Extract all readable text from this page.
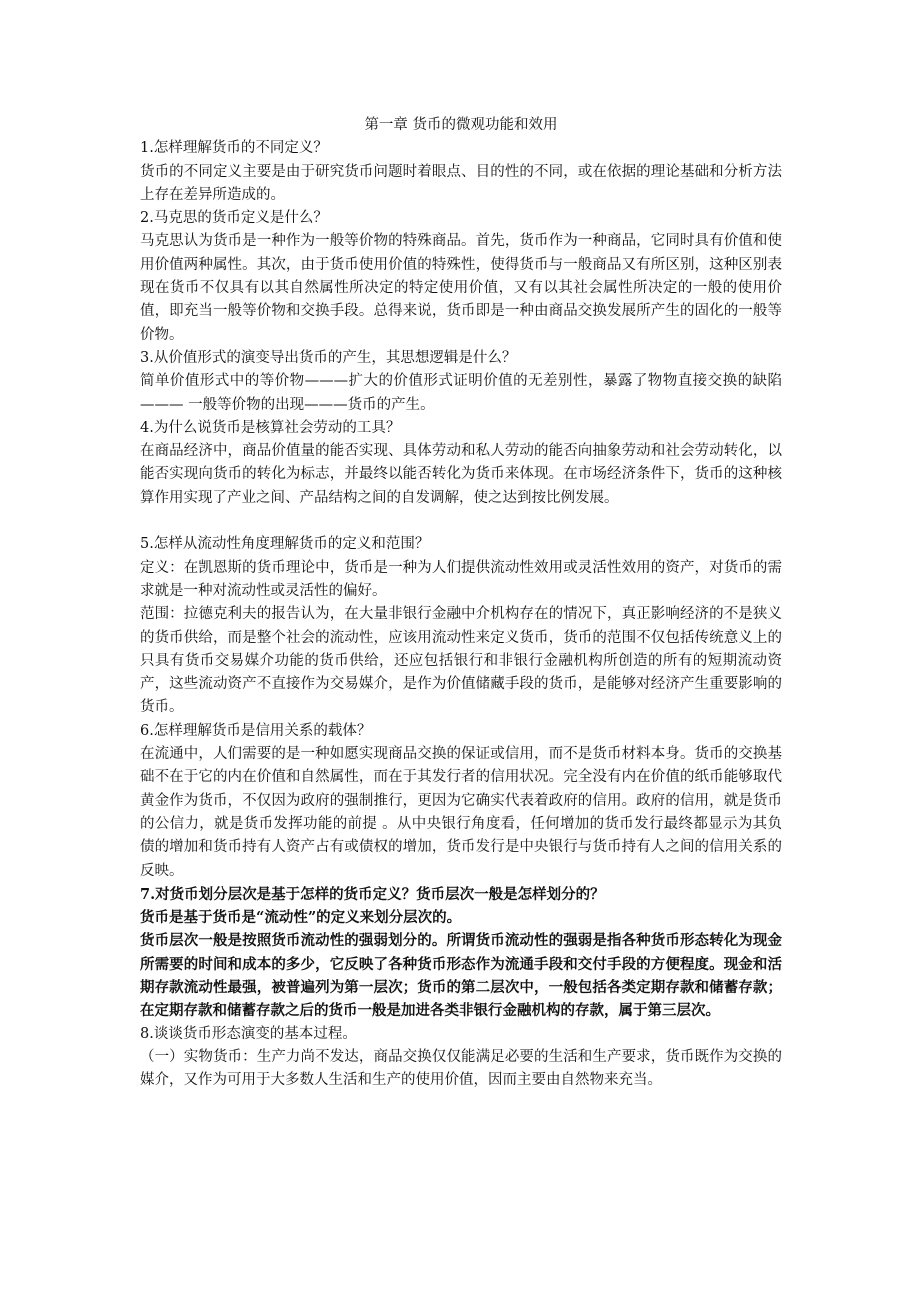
第一章 货币的微观功能和效用

1.怎样理解货币的不同定义？

货币的不同定义主要是由于研究货币问题时着眼点、目的性的不同，或在依据的理论基础和分析方法上存在差异所造成的。

2.马克思的货币定义是什么？

马克思认为货币是一种作为一般等价物的特殊商品。首先，货币作为一种商品，它同时具有价值和使用价值两种属性。其次，由于货币使用价值的特殊性，使得货币与一般商品又有所区别，这种区别表现在货币不仅具有以其自然属性所决定的特定使用价值，又有以其社会属性所决定的一般的使用价值，即充当一般等价物和交换手段。总得来说，货币即是一种由商品交换发展所产生的固化的一般等价物。

3.从价值形式的演变导出货币的产生，其思想逻辑是什么？

简单价值形式中的等价物———扩大的价值形式证明价值的无差别性，暴露了物物直接交换的缺陷——— 一般等价物的出现———货币的产生。

4.为什么说货币是核算社会劳动的工具？

在商品经济中，商品价值量的能否实现、具体劳动和私人劳动的能否向抽象劳动和社会劳动转化，以能否实现向货币的转化为标志，并最终以能否转化为货币来体现。在市场经济条件下，货币的这种核算作用实现了产业之间、产品结构之间的自发调解，使之达到按比例发展。

5.怎样从流动性角度理解货币的定义和范围？

定义：在凯恩斯的货币理论中，货币是一种为人们提供流动性效用或灵活性效用的资产，对货币的需求就是一种对流动性或灵活性的偏好。

范围：拉德克利夫的报告认为，在大量非银行金融中介机构存在的情况下，真正影响经济的不是狭义的货币供给，而是整个社会的流动性，应该用流动性来定义货币，货币的范围不仅包括传统意义上的只具有货币交易媒介功能的货币供给，还应包括银行和非银行金融机构所创造的所有的短期流动资产，这些流动资产不直接作为交易媒介，是作为价值储藏手段的货币，是能够对经济产生重要影响的货币。

6.怎样理解货币是信用关系的载体？

在流通中，人们需要的是一种如愿实现商品交换的保证或信用，而不是货币材料本身。货币的交换基础不在于它的内在价值和自然属性，而在于其发行者的信用状况。完全没有内在价值的纸币能够取代黄金作为货币，不仅因为政府的强制推行，更因为它确实代表着政府的信用。政府的信用，就是货币的公信力，就是货币发挥功能的前提 。从中央银行角度看，任何增加的货币发行最终都显示为其负债的增加和货币持有人资产占有或债权的增加，货币发行是中央银行与货币持有人之间的信用关系的反映。

7.对货币划分层次是基于怎样的货币定义？货币层次一般是怎样划分的？

货币是基于货币是“流动性”的定义来划分层次的。

货币层次一般是按照货币流动性的强弱划分的。所谓货币流动性的强弱是指各种货币形态转化为现金所需要的时间和成本的多少，它反映了各种货币形态作为流通手段和交付手段的方便程度。现金和活期存款流动性最强，被普遍列为第一层次；货币的第二层次中，一般包括各类定期存款和储蓄存款；在定期存款和储蓄存款之后的货币一般是加进各类非银行金融机构的存款，属于第三层次。

8.谈谈货币形态演变的基本过程。

（一）实物货币：生产力尚不发达，商品交换仅仅能满足必要的生活和生产要求，货币既作为交换的媒介，又作为可用于大多数人生活和生产的使用价值，因而主要由自然物来充当。
